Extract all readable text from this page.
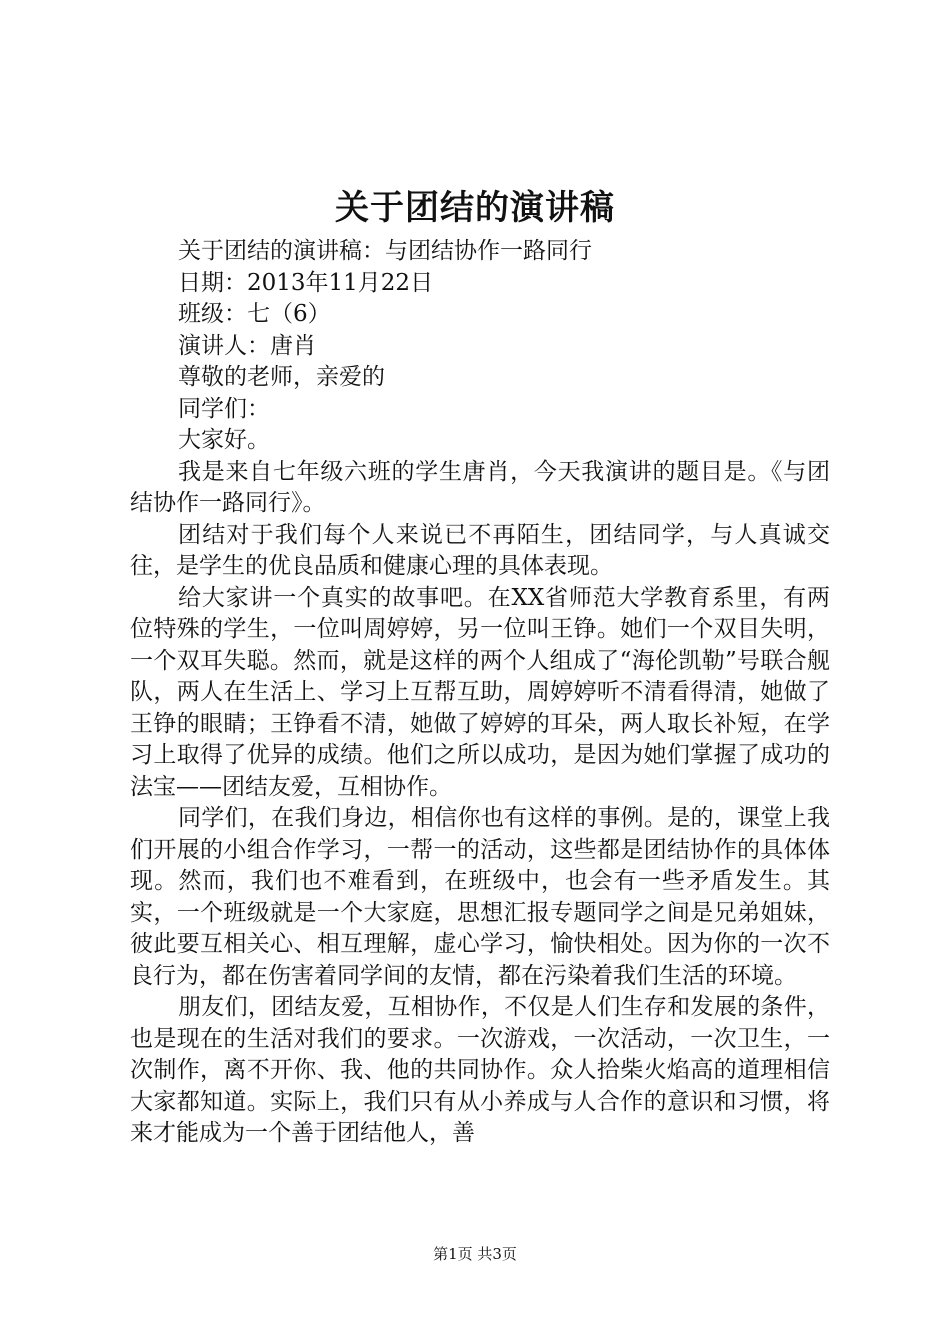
关于团结的演讲稿

关于团结的演讲稿：与团结协作一路同行

日期：2013年11月22日

班级：七（6）

演讲人：唐肖

尊敬的老师，亲爱的

同学们：

大家好。

我是来自七年级六班的学生唐肖，今天我演讲的题目是。《与团结协作一路同行》。

团结对于我们每个人来说已不再陌生，团结同学，与人真诚交往，是学生的优良品质和健康心理的具体表现。

给大家讲一个真实的故事吧。在XX省师范大学教育系里，有两位特殊的学生，一位叫周婷婷，另一位叫王铮。她们一个双目失明，一个双耳失聪。然而，就是这样的两个人组成了“海伦凯勒”号联合舰队，两人在生活上、学习上互帮互助，周婷婷听不清看得清，她做了王铮的眼睛；王铮看不清，她做了婷婷的耳朵，两人取长补短，在学习上取得了优异的成绩。他们之所以成功，是因为她们掌握了成功的法宝——团结友爱，互相协作。

同学们，在我们身边，相信你也有这样的事例。是的，课堂上我们开展的小组合作学习，一帮一的活动，这些都是团结协作的具体体现。然而，我们也不难看到，在班级中，也会有一些矛盾发生。其实，一个班级就是一个大家庭，思想汇报专题同学之间是兄弟姐妹，彼此要互相关心、相互理解，虚心学习，愉快相处。因为你的一次不良行为，都在伤害着同学间的友情，都在污染着我们生活的环境。

朋友们，团结友爱，互相协作，不仅是人们生存和发展的条件，也是现在的生活对我们的要求。一次游戏，一次活动，一次卫生，一次制作，离不开你、我、他的共同协作。众人拾柴火焰高的道理相信大家都知道。实际上，我们只有从小养成与人合作的意识和习惯，将来才能成为一个善于团结他人，善

第1页 共3页
